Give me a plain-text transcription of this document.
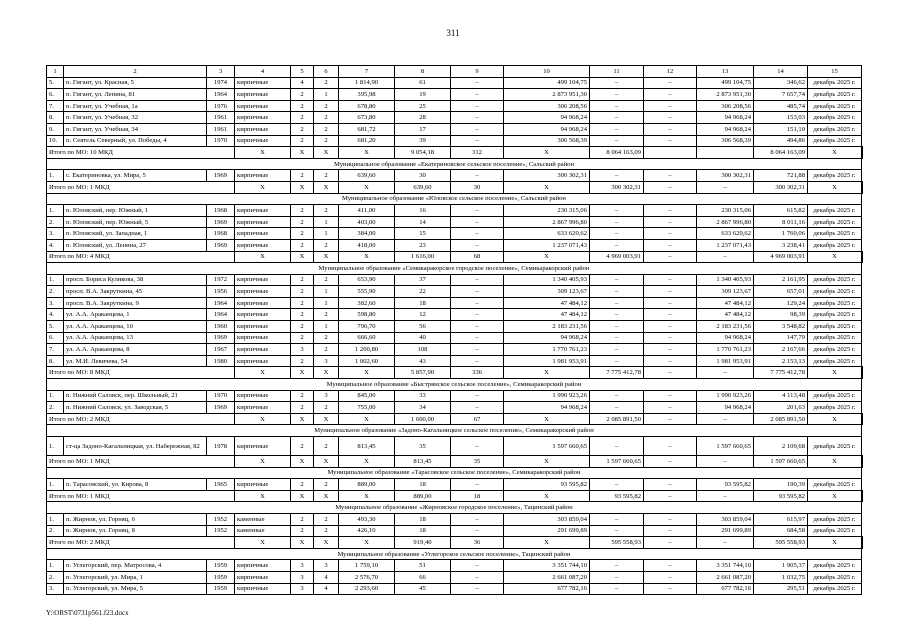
311
1	2	3	4	5	6	7	8	9	10	11	12	13	14	15	
5.	п. Гигант, ул. Красная, 5	1974	кирпичные	4	2	1 814,90	61	–	499 104,75	–	–	499 104,75	346,62	декабрь 2025 г.	
6.	п. Гигант, ул. Ленина, 81	1964	кирпичные	2	1	395,98	19	–	2 873 951,30	–	–	2 873 951,30	7 657,74	декабрь 2025 г.	
7.	п. Гигант, ул. Учебная, 1а	1976	кирпичные	2	2	678,80	25	–	306 208,56	–	–	306 208,56	485,74	декабрь 2025 г.	
8.	п. Гигант, ул. Учебная, 32	1961	кирпичные	2	2	673,80	28	–	94 968,24	–	–	94 968,24	153,03	декабрь 2025 г.	
9.	п. Гигант, ул. Учебная, 34	1961	кирпичные	2	2	681,72	17	–	94 968,24	–	–	94 968,24	151,10	декабрь 2025 г.	
10.	п. Сеятель Северный, ул. Победы, 4	1970	кирпичные	2	2	681,20	39	–	306 568,39	–	–	306 568,39	494,86	декабрь 2025 г.	
Итого по МО: 10 МКД			X	X	X	X	9 054,18	312	X	8 064 163,09			8 064 163,09	X	
Муниципальное образование «Екатериновское сельское поселение», Сальский район															
1.	с. Екатериновка, ул. Мира, 5	1969	кирпичные	2	2	639,60	30	–	300 302,31	–	–	300 302,31	721,88	декабрь 2025 г.	
Итого по МО: 1 МКД			X	X	X	X	639,60	30	X	300 302,31	–	–	300 302,31	X	
Муниципальное образование «Юловское сельское поселение», Сальский район															
1.	п. Юловский, пер. Южный, 1	1968	кирпичные	2	2	411,00	16	–	230 315,06	–	–	230 315,06	615,82	декабрь 2025 г.	
2.	п. Юловский, пер. Южный, 5	1969	кирпичные	2	1	403,00	14	–	2 867 996,80	–	–	2 867 996,80	8 011,16	декабрь 2025 г.	
3.	п. Юловский, ул. Западная, 1	1968	кирпичные	2	1	384,00	15	–	633 620,62	–	–	633 620,62	1 760,06	декабрь 2025 г.	
4.	п. Юловский, ул. Ленина, 27	1969	кирпичные	2	2	418,00	23	–	1 237 071,43	–	–	1 237 071,43	3 238,41	декабрь 2025 г.	
Итого по МО: 4 МКД			X	X	X	X	1 616,00	68	X	4 969 003,91	–	–	4 969 003,91	X	
Муниципальное образование «Семикаракорское городское поселение», Семикаракорский район															
1.	просп. Бориса Куликова, 38	1972	кирпичные	2	2	653,90	37	–	1 340 405,93	–	–	1 340 405,93	2 161,95	декабрь 2025 г.	
2.	просп. В.А. Закруткина, 45	1956	кирпичные	2	1	555,90	22	–	309 123,67	–	–	309 123,67	657,01	декабрь 2025 г.	
3.	просп. В.А. Закруткина, 9	1964	кирпичные	2	1	382,60	18	–	47 484,12	–	–	47 484,12	129,24	декабрь 2025 г.	
4.	ул. А.А. Араканцева, 1	1964	кирпичные	2	2	598,80	12	–	47 484,12	–	–	47 484,12	98,39	декабрь 2025 г.	
5.	ул. А.А. Араканцева, 10	1960	кирпичные	2	1	796,70	56	–	2 183 231,56	–	–	2 183 231,56	3 548,82	декабрь 2025 г.	
6.	ул. А.А. Араканцева, 13	1969	кирпичные	2	2	666,60	40	–	94 968,24	–	–	94 968,24	147,79	декабрь 2025 г.	
7.	ул. А.А. Араканцева, 8	1967	кирпичные	3	2	1 200,80	108	–	1 770 761,23	–	–	1 770 761,23	2 167,66	декабрь 2025 г.	
8.	ул. М.И. Левичева, 54	1980	кирпичные	2	3	1 002,60	43	–	1 981 953,91	–	–	1 981 953,91	2 153,13	декабрь 2025 г.	
Итого по МО: 8 МКД			X	X	X	X	5 857,90	336	X	7 775 412,78	–	–	7 775 412,78	X	
Муниципальное образование «Быстрянское сельское поселение», Семикаракорский район															
1.	п. Нижний Саловск, пер. Школьный, 21	1970	кирпичные	2	3	845,00	33	–	1 990 923,26	–	–	1 990 923,26	4 113,48	декабрь 2025 г.	
2.	п. Нижний Саловск, ул. Заводская, 5	1969	кирпичные	2	2	755,00	34	–	94 968,24	–	–	94 968,24	201,63	декабрь 2025 г.	
Итого по МО: 2 МКД			X	X	X	X	1 600,00	67	X	2 085 891,50	–	–	2 085 891,50	X	
Муниципальное образование «Задоно-Кагальницкое сельское поселение», Семикаракорский район															
1.	ст-ца Задоно-Кагальницкая, ул. Набережная, 82	1978	кирпичные	2	2	813,45	35	–	1 597 660,65	–	–	1 597 660,65	2 109,68	декабрь 2025 г.	
Итого по МО: 1 МКД			X	X	X	X	813,45	35	X	1 597 660,65	–	–	1 597 660,65	X	
Муниципальное образование «Тарасовское сельское поселение», Семикаракорский район															
1.	п. Тарасовский, ул. Кирова, 8	1965	кирпичные	2	2	889,00	18	–	93 595,82	–	–	93 595,82	190,39	декабрь 2025 г.	
Итого по МО: 1 МКД			X	X	X	X	889,00	18	X	93 595,82	–	–	93 595,82	X	
Муниципальное образование «Жирновское городское поселение», Тацинский район															
1.	п. Жирнов, ул. Горняц, 6	1952	каменные	2	2	493,30	18	–	303 859,04	–	–	303 859,04	615,97	декабрь 2025 г.	
2.	п. Жирнов, ул. Горняц, 8	1952	каменные	2	2	426,10	18	–	291 699,89	–	–	291 699,89	684,58	декабрь 2025 г.	
Итого по МО: 2 МКД			X	X	X	X	919,40	36	X	595 558,93	–	–	595 558,93	X	
Муниципальное образование «Углегорское сельское поселение», Тацинский район															
1.	п. Углегорский, пер. Матросова, 4	1959	кирпичные	3	3	1 759,10	51	–	3 351 744,10	–	–	3 351 744,10	1 905,37	декабрь 2025 г.	
2.	п. Углегорский, ул. Мира, 1	1959	кирпичные	3	4	2 576,70	66	–	2 661 087,20	–	–	2 661 087,20	1 032,75	декабрь 2025 г.	
3.	п. Углегорский, ул. Мира, 5	1959	кирпичные	3	4	2 293,60	45	–	677 782,16	–	–	677 782,16	295,51	декабрь 2025 г.	
Y:\ORST\0731p561.f23.docx
